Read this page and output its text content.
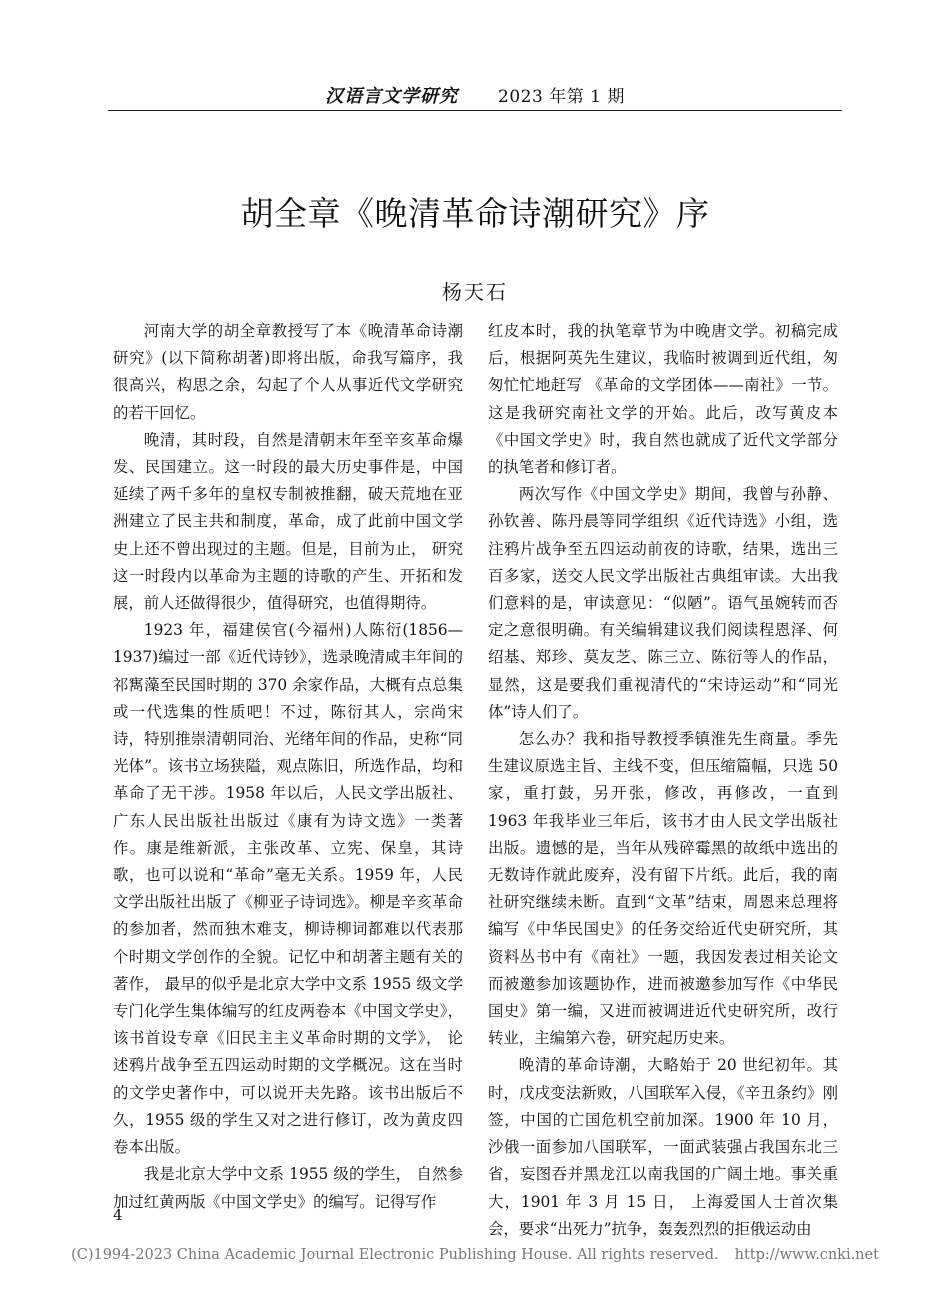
汉语言文学研究 2023 年第 1 期
胡全章《晚清革命诗潮研究》序
杨天石

河南大学的胡全章教授写了本《晚清革命诗潮研究》(以下简称胡著)即将出版，命我写篇序，我很高兴，构思之余，勾起了个人从事近代文学研究的若干回忆。

晚清，其时段，自然是清朝末年至辛亥革命爆发、民国建立。这一时段的最大历史事件是，中国延续了两千多年的皇权专制被推翻，破天荒地在亚洲建立了民主共和制度，革命，成了此前中国文学史上还不曾出现过的主题。但是，目前为止， 研究这一时段内以革命为主题的诗歌的产生、开拓和发展，前人还做得很少，值得研究，也值得期待。

1923 年，福建侯官(今福州)人陈衍(1856—1937)编过一部《近代诗钞》，选录晚清咸丰年间的祁寯藻至民国时期的 370 余家作品，大概有点总集或一代选集的性质吧！不过，陈衍其人，宗尚宋诗，特别推崇清朝同治、光绪年间的作品，史称“同光体”。该书立场狭隘，观点陈旧，所选作品，均和革命了无干涉。1958 年以后，人民文学出版社、广东人民出版社出版过《康有为诗文选》一类著作。康是维新派，主张改革、立宪、保皇，其诗歌，也可以说和“革命”毫无关系。1959 年，人民文学出版社出版了《柳亚子诗词选》。柳是辛亥革命的参加者，然而独木难支，柳诗柳词都难以代表那个时期文学创作的全貌。记忆中和胡著主题有关的著作， 最早的似乎是北京大学中文系 1955 级文学专门化学生集体编写的红皮两卷本《中国文学史》，该书首设专章《旧民主主义革命时期的文学》， 论述鸦片战争至五四运动时期的文学概况。这在当时的文学史著作中，可以说开夫先路。该书出版后不久，1955 级的学生又对之进行修订，改为黄皮四卷本出版。

我是北京大学中文系 1955 级的学生， 自然参加过红黄两版《中国文学史》的编写。记得写作

红皮本时，我的执笔章节为中晚唐文学。初稿完成后，根据阿英先生建议，我临时被调到近代组，匆匆忙忙地赶写 《革命的文学团体——南社》一节。这是我研究南社文学的开始。此后，改写黄皮本《中国文学史》时，我自然也就成了近代文学部分的执笔者和修订者。

两次写作《中国文学史》期间，我曾与孙静、孙钦善、陈丹晨等同学组织《近代诗选》小组，选注鸦片战争至五四运动前夜的诗歌，结果，选出三百多家，送交人民文学出版社古典组审读。大出我们意料的是，审读意见：“似陋”。语气虽婉转而否定之意很明确。有关编辑建议我们阅读程恩泽、何绍基、郑珍、莫友芝、陈三立、陈衍等人的作品，显然，这是要我们重视清代的“宋诗运动”和“同光体”诗人们了。

怎么办？我和指导教授季镇淮先生商量。季先生建议原选主旨、主线不变，但压缩篇幅，只选 50 家，重打鼓，另开张，修改，再修改，一直到 1963 年我毕业三年后，该书才由人民文学出版社出版。遗憾的是，当年从残碎霉黑的故纸中选出的无数诗作就此废弃，没有留下片纸。此后，我的南社研究继续未断。直到“文革”结束，周恩来总理将编写《中华民国史》的任务交给近代史研究所，其资料丛书中有《南社》一题，我因发表过相关论文而被邀参加该题协作，进而被邀参加写作《中华民国史》第一编，又进而被调进近代史研究所，改行转业，主编第六卷，研究起历史来。

晚清的革命诗潮，大略始于 20 世纪初年。其时，戊戌变法新败，八国联军入侵，《辛丑条约》刚签，中国的亡国危机空前加深。1900 年 10 月，沙俄一面参加八国联军，一面武装强占我国东北三省，妄图吞并黑龙江以南我国的广阔土地。事关重大，1901 年 3 月 15 日， 上海爱国人士首次集会，要求“出死力”抗争，轰轰烈烈的拒俄运动由

4
(C)1994-2023 China Academic Journal Electronic Publishing House. All rights reserved. http://www.cnki.net
